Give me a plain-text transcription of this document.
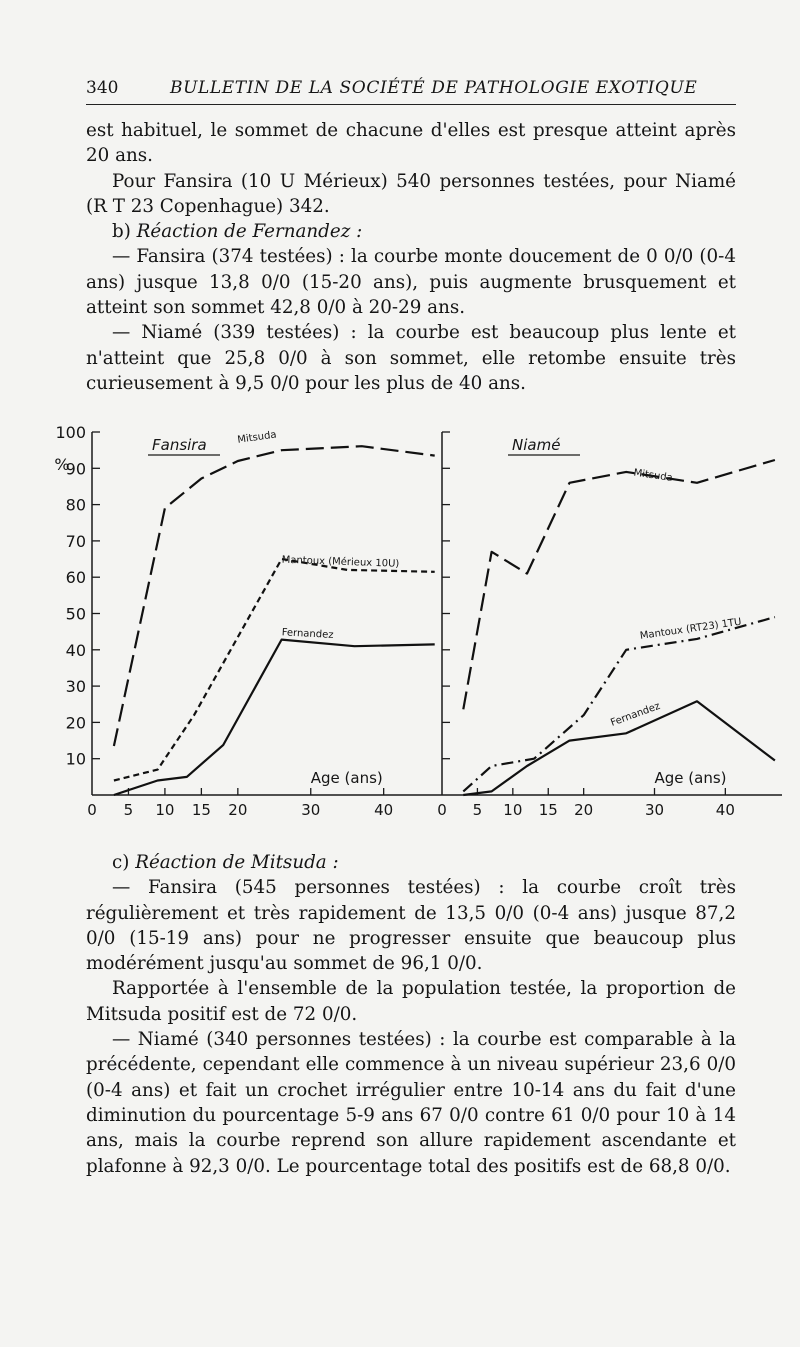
340	BULLETIN DE LA SOCIÉTÉ DE PATHOLOGIE EXOTIQUE

est habituel, le sommet de chacune d'elles est presque atteint après 20 ans.

Pour Fansira (10 U Mérieux) 540 personnes testées, pour Niamé (R T 23 Copenhague) 342.

b) Réaction de Fernandez :

— Fansira (374 testées) : la courbe monte doucement de 0 0/0 (0-4 ans) jusque 13,8 0/0 (15-20 ans), puis augmente brusquement et atteint son sommet 42,8 0/0 à 20-29 ans.

— Niamé (339 testées) : la courbe est beaucoup plus lente et n'atteint que 25,8 0/0 à son sommet, elle retombe ensuite très curieusement à 9,5 0/0 pour les plus de 40 ans.

10
20
30
40
50
60
70
80
90
100
%
0 5 10 15 20	30	40
Fansira
Age (ans)
Mitsuda
Mantoux (Mérieux 10U)
Fernandez
0 5 10 15 20	30	40
Niamé
Age (ans)
Mitsuda
Mantoux (RT23) 1TU
Fernandez

c) Réaction de Mitsuda :

— Fansira (545 personnes testées) : la courbe croît très régulièrement et très rapidement de 13,5 0/0 (0-4 ans) jusque 87,2 0/0 (15-19 ans) pour ne progresser ensuite que beaucoup plus modérément jusqu'au sommet de 96,1 0/0.

Rapportée à l'ensemble de la population testée, la proportion de Mitsuda positif est de 72 0/0.

— Niamé (340 personnes testées) : la courbe est comparable à la précédente, cependant elle commence à un niveau supérieur 23,6 0/0 (0-4 ans) et fait un crochet irrégulier entre 10-14 ans du fait d'une diminution du pourcentage 5-9 ans 67 0/0 contre 61 0/0 pour 10 à 14 ans, mais la courbe reprend son allure rapidement ascendante et plafonne à 92,3 0/0. Le pourcentage total des positifs est de 68,8 0/0.
